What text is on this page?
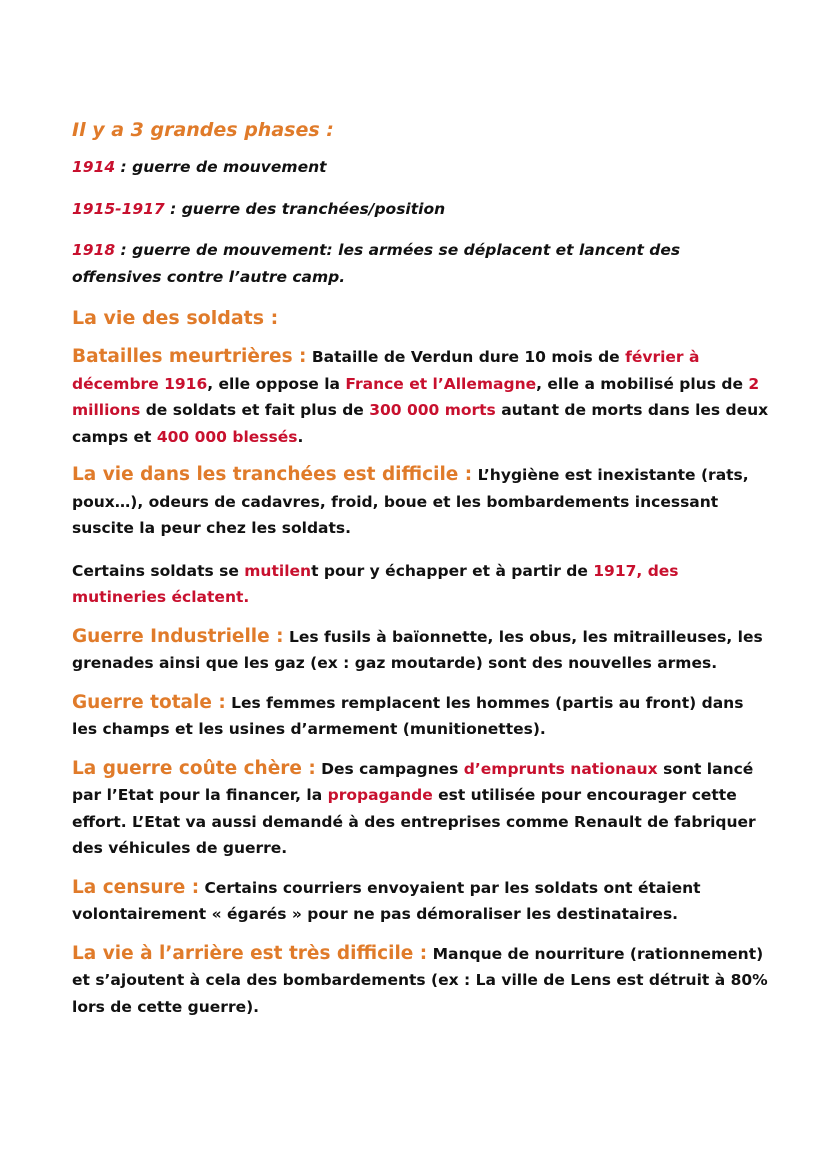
Il y a 3 grandes phases :

1914 : guerre de mouvement

1915-1917 : guerre des tranchées/position

1918 : guerre de mouvement: les armées se déplacent et lancent des offensives contre l’autre camp.

La vie des soldats :

Batailles meurtrières : Bataille de Verdun dure 10 mois de février à décembre 1916, elle oppose la France et l’Allemagne, elle a mobilisé plus de 2 millions de soldats et fait plus de 300 000 morts autant de morts dans les deux camps et 400 000 blessés.

La vie dans les tranchées est difficile : L’hygiène est inexistante (rats, poux…), odeurs de cadavres, froid, boue et les bombardements incessant suscite la peur chez les soldats.

Certains soldats se mutilent pour y échapper et à partir de 1917, des mutineries éclatent.

Guerre Industrielle : Les fusils à baïonnette, les obus, les mitrailleuses, les grenades ainsi que les gaz (ex : gaz moutarde) sont des nouvelles armes.

Guerre totale : Les femmes remplacent les hommes (partis au front) dans les champs et les usines d’armement (munitionettes).

La guerre coûte chère : Des campagnes d’emprunts nationaux sont lancé par l’Etat pour la financer, la propagande est utilisée pour encourager cette effort. L’Etat va aussi demandé à des entreprises comme Renault de fabriquer des véhicules de guerre.

La censure : Certains courriers envoyaient par les soldats ont étaient volontairement « égarés » pour ne pas démoraliser les destinataires.

La vie à l’arrière est très difficile : Manque de nourriture (rationnement) et s’ajoutent à cela des bombardements (ex : La ville de Lens est détruit à 80% lors de cette guerre).
